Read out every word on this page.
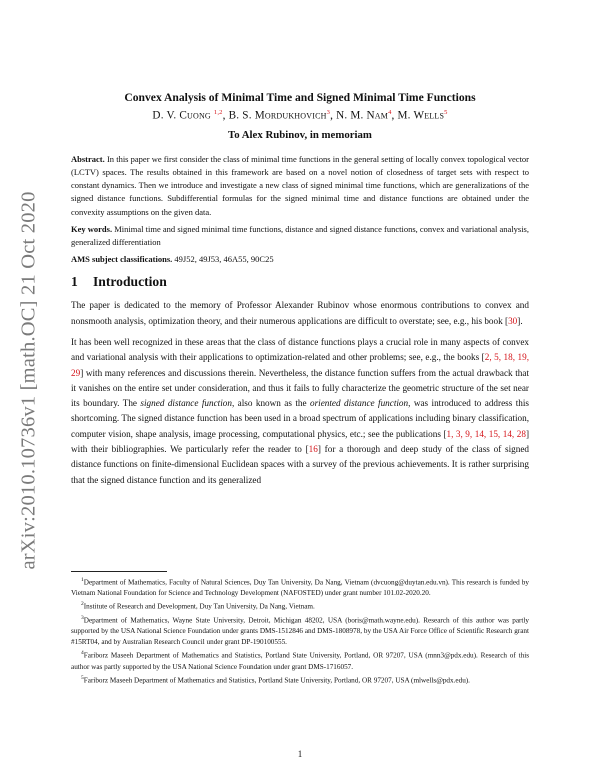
arXiv:2010.10736v1 [math.OC] 21 Oct 2020
Convex Analysis of Minimal Time and Signed Minimal Time Functions
D. V. Cuong $^{1,2}$, B. S. Mordukhovich$^3$, N. M. Nam$^4$, M. Wells$^5$
To Alex Rubinov, in memoriam

Abstract. In this paper we first consider the class of minimal time functions in the general setting of locally convex topological vector (LCTV) spaces. The results obtained in this framework are based on a novel notion of closedness of target sets with respect to constant dynamics. Then we introduce and investigate a new class of signed minimal time functions, which are generalizations of the signed distance functions. Subdifferential formulas for the signed minimal time and distance functions are obtained under the convexity assumptions on the given data.

Key words. Minimal time and signed minimal time functions, distance and signed distance functions, convex and variational analysis, generalized differentiation

AMS subject classifications. 49J52, 49J53, 46A55, 90C25

1 Introduction

The paper is dedicated to the memory of Professor Alexander Rubinov whose enormous contributions to convex and nonsmooth analysis, optimization theory, and their numerous applications are difficult to overstate; see, e.g., his book [30].

It has been well recognized in these areas that the class of distance functions plays a crucial role in many aspects of convex and variational analysis with their applications to optimization-related and other problems; see, e.g., the books [2, 5, 18, 19, 29] with many references and discussions therein. Nevertheless, the distance function suffers from the actual drawback that it vanishes on the entire set under consideration, and thus it fails to fully characterize the geometric structure of the set near its boundary. The signed distance function, also known as the oriented distance function, was introduced to address this shortcoming. The signed distance function has been used in a broad spectrum of applications including binary classification, computer vision, shape analysis, image processing, computational physics, etc.; see the publications [1, 3, 9, 14, 15, 14, 28] with their bibliographies. We particularly refer the reader to [16] for a thorough and deep study of the class of signed distance functions on finite-dimensional Euclidean spaces with a survey of the previous achievements. It is rather surprising that the signed distance function and its generalized

$^1$Department of Mathematics, Faculty of Natural Sciences, Duy Tan University, Da Nang, Vietnam (dvcuong@duytan.edu.vn). This research is funded by Vietnam National Foundation for Science and Technology Development (NAFOSTED) under grant number 101.02-2020.20.

$^2$Institute of Research and Development, Duy Tan University, Da Nang, Vietnam.

$^3$Department of Mathematics, Wayne State University, Detroit, Michigan 48202, USA (boris@math.wayne.edu). Research of this author was partly supported by the USA National Science Foundation under grants DMS-1512846 and DMS-1808978, by the USA Air Force Office of Scientific Research grant #15RT04, and by Australian Research Council under grant DP-190100555.

$^4$Fariborz Maseeh Department of Mathematics and Statistics, Portland State University, Portland, OR 97207, USA (mnn3@pdx.edu). Research of this author was partly supported by the USA National Science Foundation under grant DMS-1716057.

$^5$Fariborz Maseeh Department of Mathematics and Statistics, Portland State University, Portland, OR 97207, USA (mlwells@pdx.edu).

1
